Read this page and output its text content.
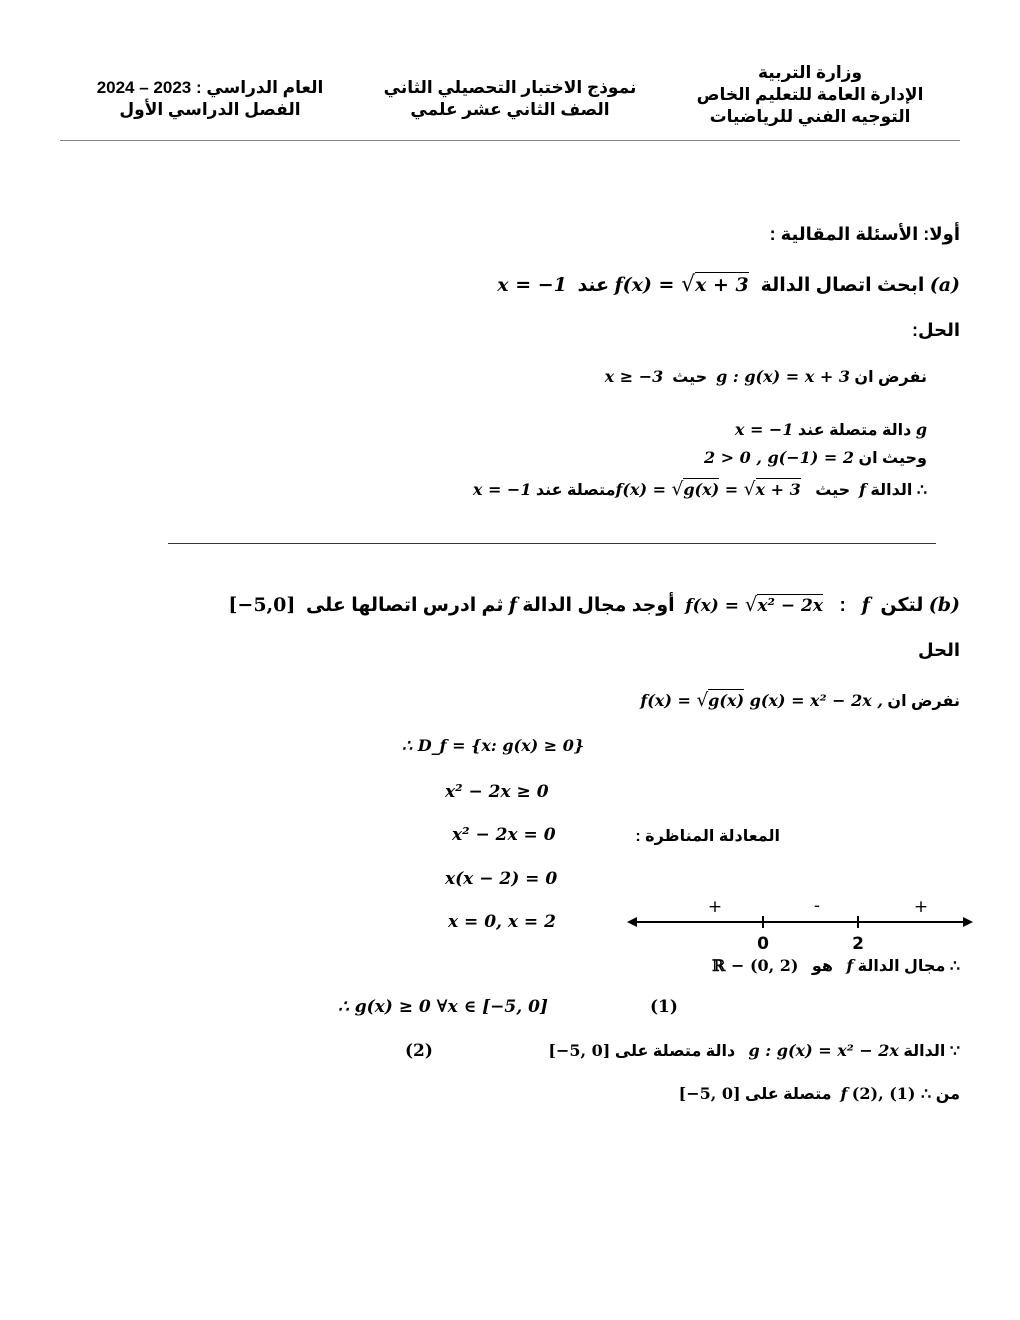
وزارة التربية
الإدارة العامة للتعليم الخاص
التوجيه الفني للرياضيات
نموذج الاختبار التحصيلي الثاني
الصف الثاني عشر علمي
العام الدراسي : 2023 – 2024
الفصل الدراسي الأول
أولا: الأسئلة المقالية :
(a) ابحث اتصال الدالة f(x) = √x + 3  عند  x = −1
الحل:
نفرض ان g : g(x) = x + 3  حيث  x ≥ −3
g دالة متصلة عند x = −1
وحيث ان 2 > 0 , g(−1) = 2
∴ الدالة f  حيث  f(x) = √g(x) = √x + 3 متصلة عند x = −1
(b) لتكن  f   :  f(x) = √x² − 2x   أوجد مجال الدالة f ثم ادرس اتصالها على  [−5,0]
الحل
نفرض ان f(x) = √g(x) g(x) = x² − 2x ,
∴ D_f = {x: g(x) ≥ 0}
x² − 2x ≥ 0
x² − 2x = 0	المعادلة المناظرة :
x(x − 2) = 0
x = 0, x = 2
+	-	+
0	2
∴ مجال الدالة f   هو   ℝ − (0, 2)
∴ g(x) ≥ 0 ∀x ∈ [−5, 0]	(1)
∵ الدالة g : g(x) = x² − 2x   دالة متصلة على [−5, 0]
(2)
من (2), (1) ∴ f  متصلة على [−5, 0]
